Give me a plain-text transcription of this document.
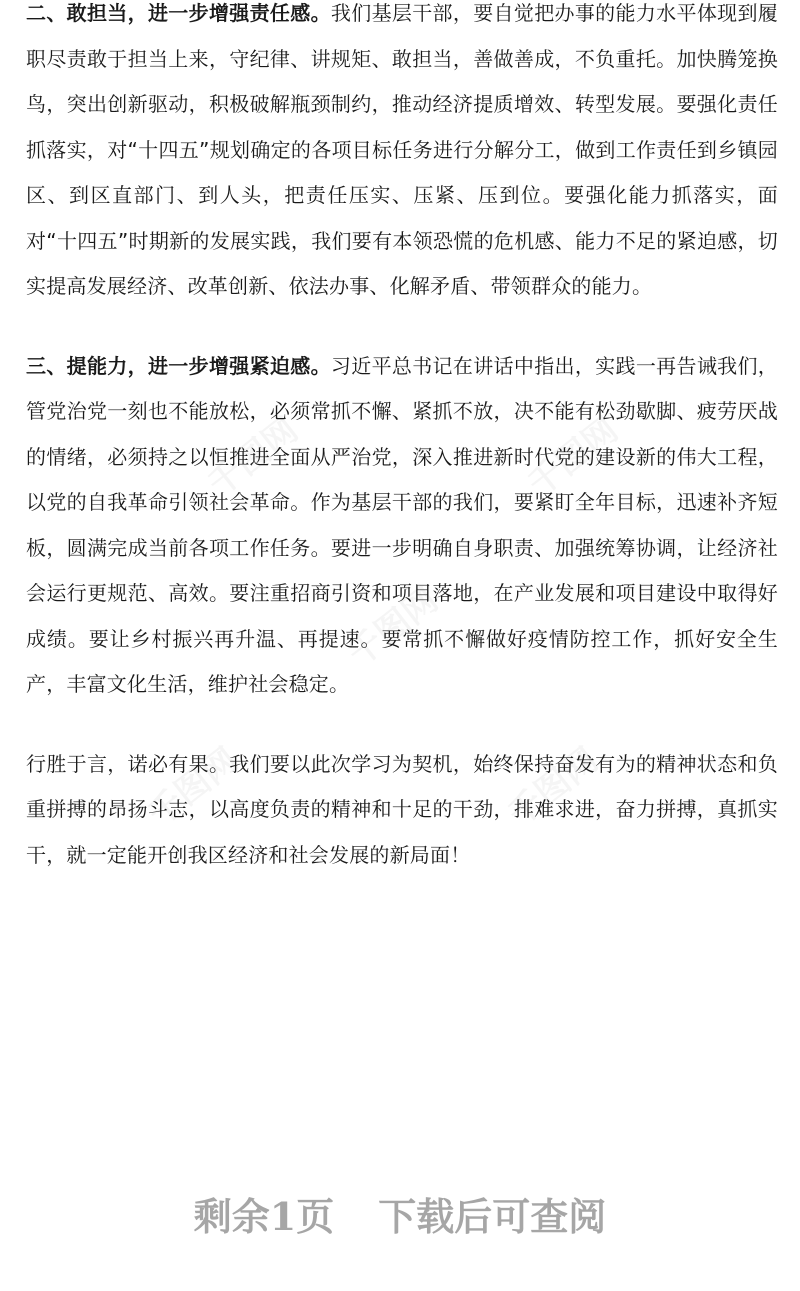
千图网	千图网
千图网
千图网	千图网

二、敢担当，进一步增强责任感。我们基层干部，要自觉把办事的能力水平体现到履职尽责敢于担当上来，守纪律、讲规矩、敢担当，善做善成，不负重托。加快腾笼换鸟，突出创新驱动，积极破解瓶颈制约，推动经济提质增效、转型发展。要强化责任抓落实，对“十四五”规划确定的各项目标任务进行分解分工，做到工作责任到乡镇园区、到区直部门、到人头，把责任压实、压紧、压到位。要强化能力抓落实，面对“十四五”时期新的发展实践，我们要有本领恐慌的危机感、能力不足的紧迫感，切实提高发展经济、改革创新、依法办事、化解矛盾、带领群众的能力。

三、提能力，进一步增强紧迫感。习近平总书记在讲话中指出，实践一再告诫我们，管党治党一刻也不能放松，必须常抓不懈、紧抓不放，决不能有松劲歇脚、疲劳厌战的情绪，必须持之以恒推进全面从严治党，深入推进新时代党的建设新的伟大工程，以党的自我革命引领社会革命。作为基层干部的我们，要紧盯全年目标，迅速补齐短板，圆满完成当前各项工作任务。要进一步明确自身职责、加强统筹协调，让经济社会运行更规范、高效。要注重招商引资和项目落地，在产业发展和项目建设中取得好成绩。要让乡村振兴再升温、再提速。要常抓不懈做好疫情防控工作，抓好安全生产，丰富文化生活，维护社会稳定。

行胜于言，诺必有果。我们要以此次学习为契机，始终保持奋发有为的精神状态和负重拼搏的昂扬斗志，以高度负责的精神和十足的干劲，排难求进，奋力拼搏，真抓实干，就一定能开创我区经济和社会发展的新局面！

剩余1页 下载后可查阅
